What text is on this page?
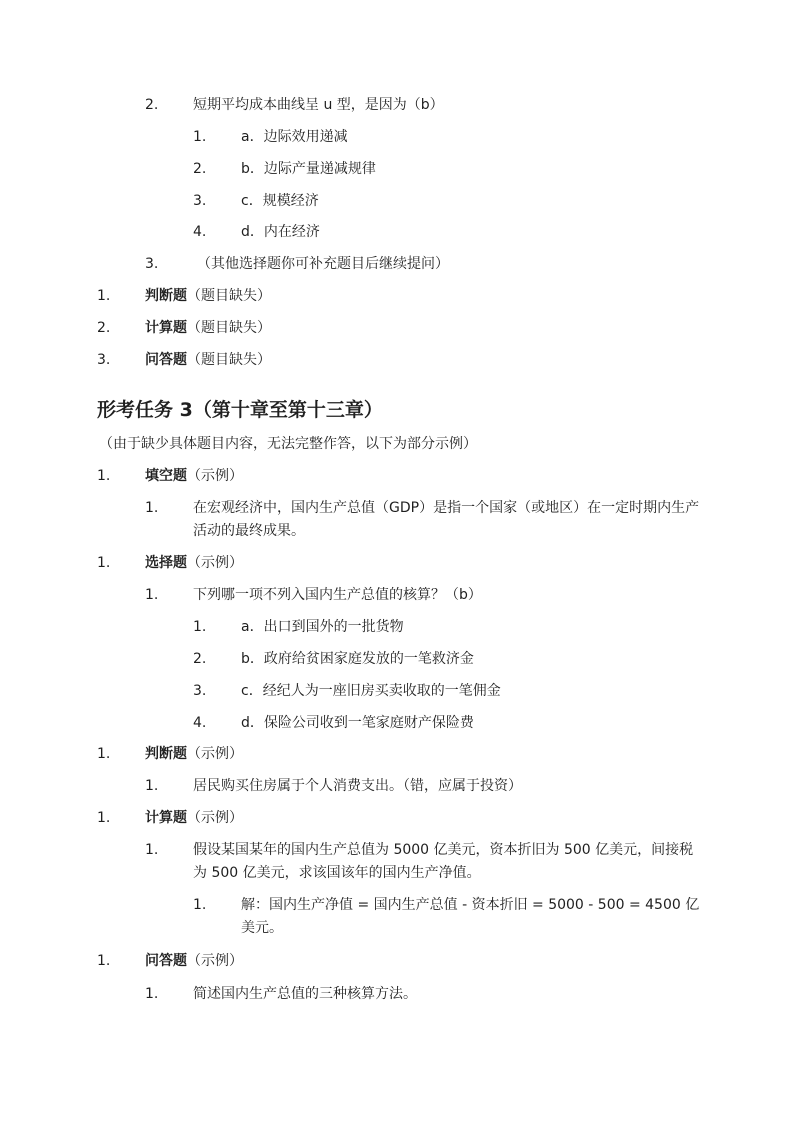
2. 短期平均成本曲线呈 u 型，是因为（b）
1. a．边际效用递减
2. b．边际产量递减规律
3. c．规模经济
4. d．内在经济
3.	（其他选择题你可补充题目后继续提问）
1. 判断题（题目缺失）
2. 计算题（题目缺失）
3. 问答题（题目缺失）
形考任务 3（第十章至第十三章）
（由于缺少具体题目内容，无法完整作答，以下为部分示例）
1. 填空题（示例）
1. 在宏观经济中，国内生产总值（GDP）是指一个国家（或地区）在一定时期内生产活动的最终成果。
1. 选择题（示例）
1. 下列哪一项不列入国内生产总值的核算？（b）
1. a．出口到国外的一批货物
2. b．政府给贫困家庭发放的一笔救济金
3. c．经纪人为一座旧房买卖收取的一笔佣金
4. d．保险公司收到一笔家庭财产保险费
1. 判断题（示例）
1. 居民购买住房属于个人消费支出。（错，应属于投资）
1. 计算题（示例）
1. 假设某国某年的国内生产总值为 5000 亿美元，资本折旧为 500 亿美元，间接税为 500 亿美元，求该国该年的国内生产净值。
1. 解：国内生产净值 = 国内生产总值 - 资本折旧 = 5000 - 500 = 4500 亿美元。
1. 问答题（示例）
1. 简述国内生产总值的三种核算方法。
